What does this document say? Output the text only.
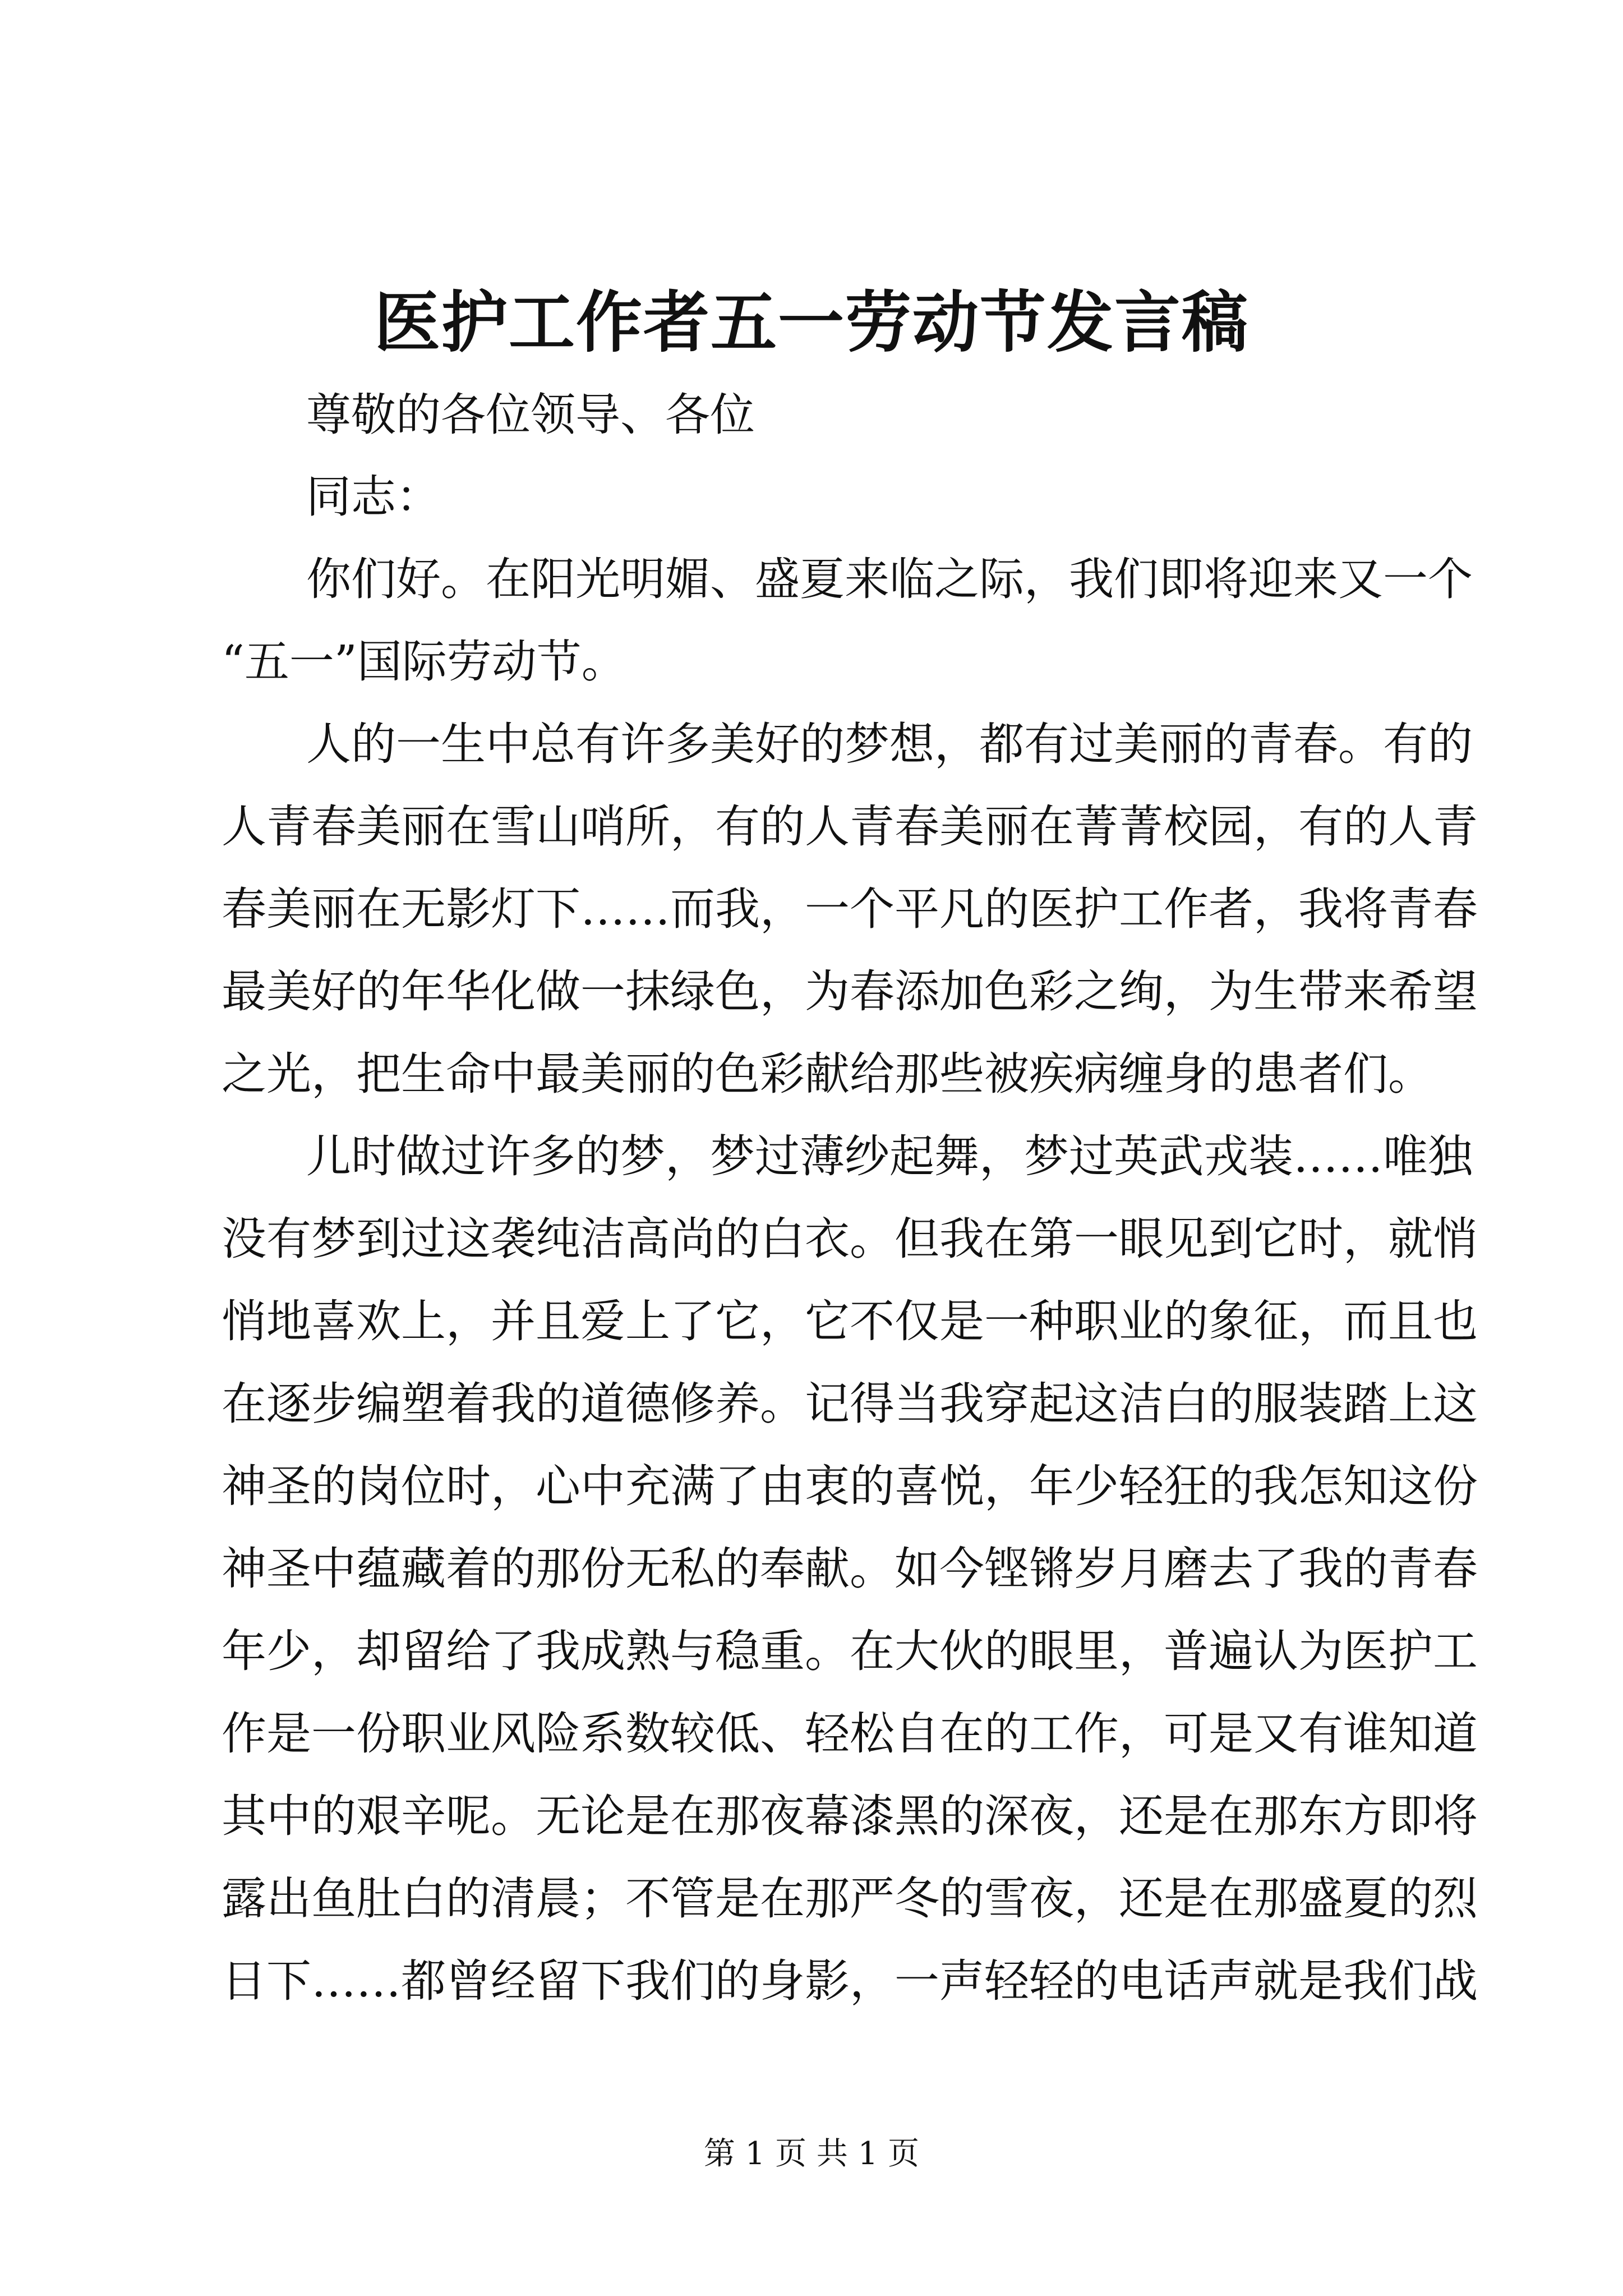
医护工作者五一劳动节发言稿

尊敬的各位领导、各位

同志：

你们好。在阳光明媚、盛夏来临之际，我们即将迎来又一个

“五一”国际劳动节。

人的一生中总有许多美好的梦想，都有过美丽的青春。有的

人青春美丽在雪山哨所，有的人青春美丽在菁菁校园，有的人青

春美丽在无影灯下……而我，一个平凡的医护工作者，我将青春

最美好的年华化做一抹绿色，为春添加色彩之绚，为生带来希望

之光，把生命中最美丽的色彩献给那些被疾病缠身的患者们。

儿时做过许多的梦，梦过薄纱起舞，梦过英武戎装……唯独

没有梦到过这袭纯洁高尚的白衣。但我在第一眼见到它时，就悄

悄地喜欢上，并且爱上了它，它不仅是一种职业的象征，而且也

在逐步编塑着我的道德修养。记得当我穿起这洁白的服装踏上这

神圣的岗位时，心中充满了由衷的喜悦，年少轻狂的我怎知这份

神圣中蕴藏着的那份无私的奉献。如今铿锵岁月磨去了我的青春

年少，却留给了我成熟与稳重。在大伙的眼里，普遍认为医护工

作是一份职业风险系数较低、轻松自在的工作，可是又有谁知道

其中的艰辛呢。无论是在那夜幕漆黑的深夜，还是在那东方即将

露出鱼肚白的清晨；不管是在那严冬的雪夜，还是在那盛夏的烈

日下……都曾经留下我们的身影，一声轻轻的电话声就是我们战

第 1 页 共 1 页
